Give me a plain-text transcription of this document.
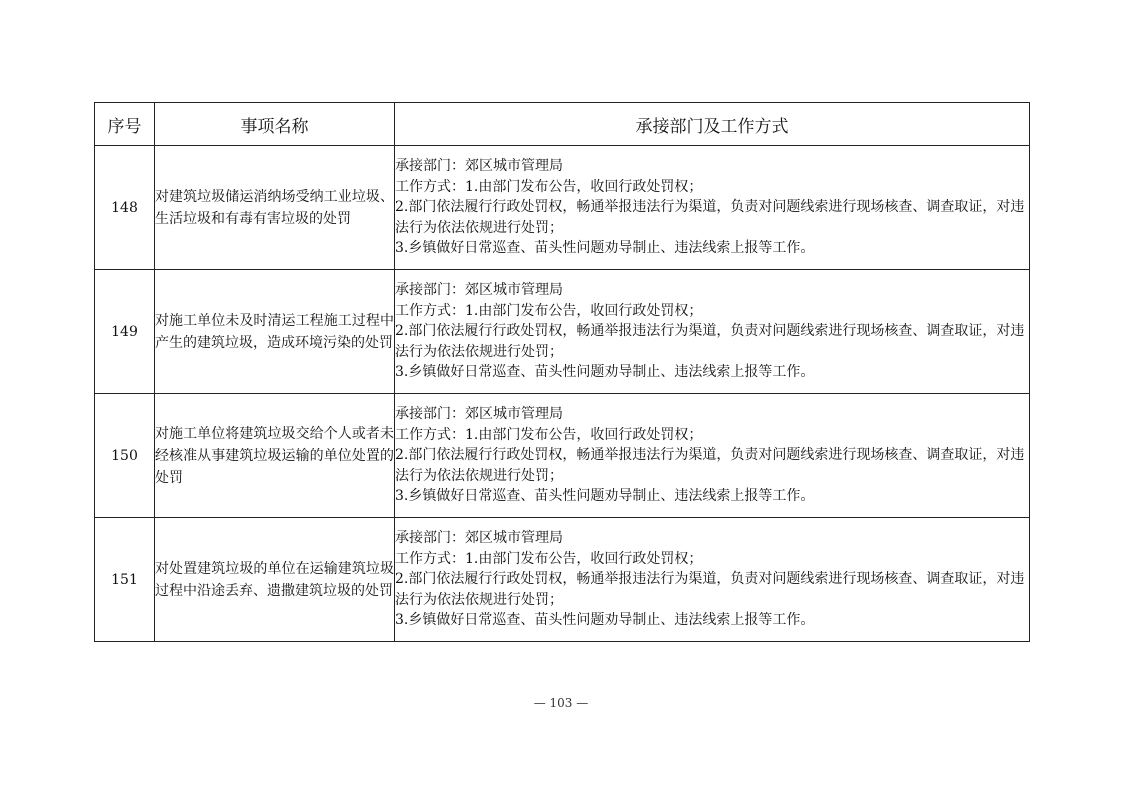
序号	事项名称	承接部门及工作方式
148	对建筑垃圾储运消纳场受纳工业垃圾、生活垃圾和有毒有害垃圾的处罚	承接部门：郊区城市管理局

工作方式：1.由部门发布公告，收回行政处罚权；

2.部门依法履行行政处罚权，畅通举报违法行为渠道，负责对问题线索进行现场核查、调查取证，对违法行为依法依规进行处罚；

3.乡镇做好日常巡查、苗头性问题劝导制止、违法线索上报等工作。

149	对施工单位未及时清运工程施工过程中产生的建筑垃圾，造成环境污染的处罚	承接部门：郊区城市管理局

工作方式：1.由部门发布公告，收回行政处罚权；

2.部门依法履行行政处罚权，畅通举报违法行为渠道，负责对问题线索进行现场核查、调查取证，对违法行为依法依规进行处罚；

3.乡镇做好日常巡查、苗头性问题劝导制止、违法线索上报等工作。

150	对施工单位将建筑垃圾交给个人或者未经核准从事建筑垃圾运输的单位处置的处罚	承接部门：郊区城市管理局

工作方式：1.由部门发布公告，收回行政处罚权；

2.部门依法履行行政处罚权，畅通举报违法行为渠道，负责对问题线索进行现场核查、调查取证，对违法行为依法依规进行处罚；

3.乡镇做好日常巡查、苗头性问题劝导制止、违法线索上报等工作。

151	对处置建筑垃圾的单位在运输建筑垃圾过程中沿途丢弃、遗撒建筑垃圾的处罚	承接部门：郊区城市管理局

工作方式：1.由部门发布公告，收回行政处罚权；

2.部门依法履行行政处罚权，畅通举报违法行为渠道，负责对问题线索进行现场核查、调查取证，对违法行为依法依规进行处罚；

3.乡镇做好日常巡查、苗头性问题劝导制止、违法线索上报等工作。

— 103 —
